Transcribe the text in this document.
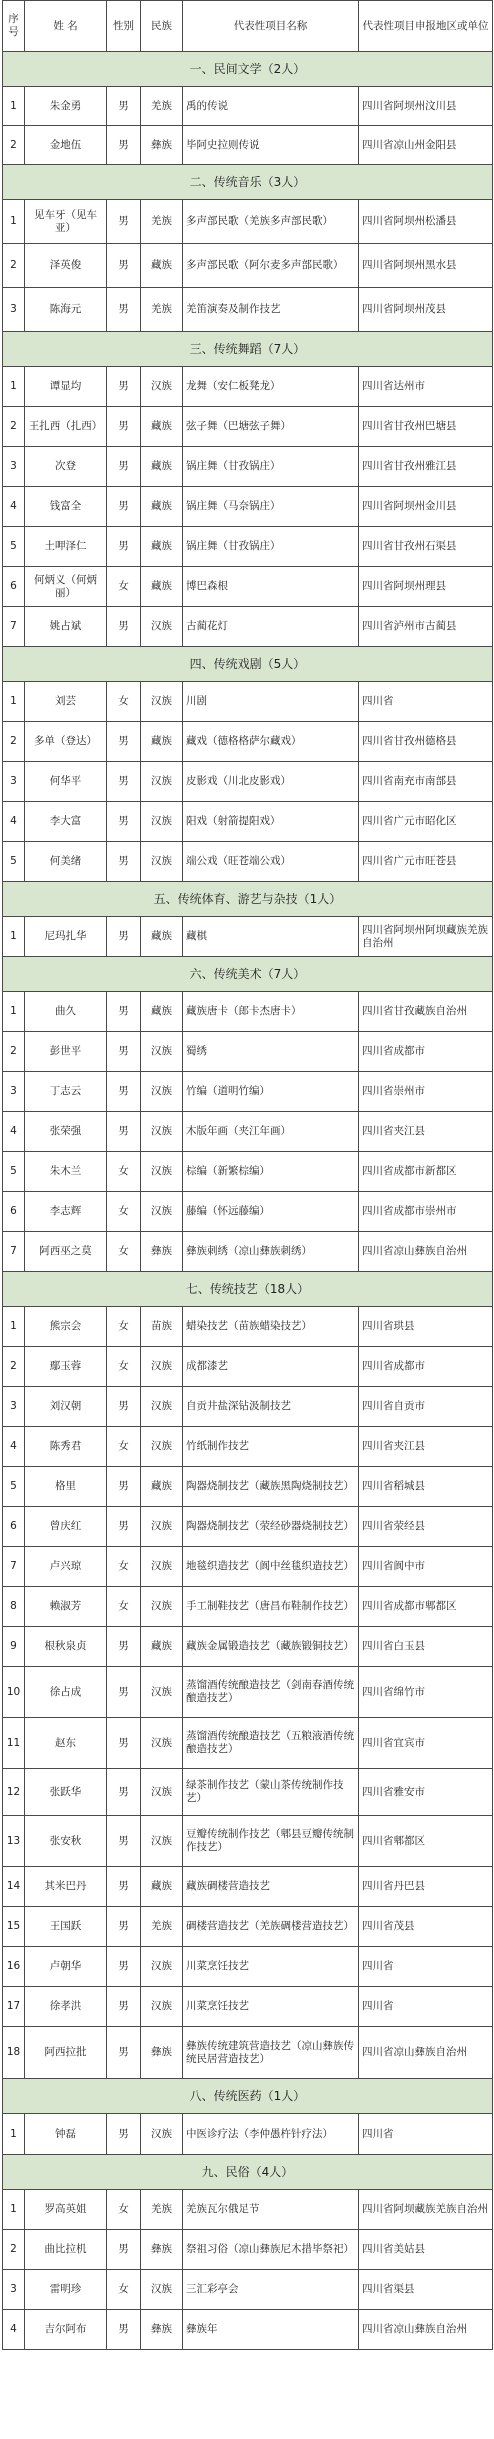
序号	姓 名	性别	民族	代表性项目名称	代表性项目申报地区或单位
一、民间文学（2人）					
1	朱金勇	男	羌族	禹的传说	四川省阿坝州汶川县
2	金地伍	男	彝族	毕阿史拉则传说	四川省凉山州金阳县
二、传统音乐（3人）					
1	见车牙（见车亚）	男	羌族	多声部民歌（羌族多声部民歌）	四川省阿坝州松潘县
2	泽英俊	男	藏族	多声部民歌（阿尔麦多声部民歌）	四川省阿坝州黑水县
3	陈海元	男	羌族	羌笛演奏及制作技艺	四川省阿坝州茂县
三、传统舞蹈（7人）					
1	谭显均	男	汉族	龙舞（安仁板凳龙）	四川省达州市
2	王扎西（扎西）	男	藏族	弦子舞（巴塘弦子舞）	四川省甘孜州巴塘县
3	次登	男	藏族	锅庄舞（甘孜锅庄）	四川省甘孜州雅江县
4	钱富全	男	藏族	锅庄舞（马奈锅庄）	四川省阿坝州金川县
5	土呷泽仁	男	藏族	锅庄舞（甘孜锅庄）	四川省甘孜州石渠县
6	何炳义（何炳丽）	女	藏族	博巴森根	四川省阿坝州理县
7	姚占斌	男	汉族	古蔺花灯	四川省泸州市古蔺县
四、传统戏剧（5人）					
1	刘芸	女	汉族	川剧	四川省
2	多单（登达）	男	藏族	藏戏（德格格萨尔藏戏）	四川省甘孜州德格县
3	何华平	男	汉族	皮影戏（川北皮影戏）	四川省南充市南部县
4	李大富	男	汉族	阳戏（射箭提阳戏）	四川省广元市昭化区
5	何美绪	男	汉族	端公戏（旺苍端公戏）	四川省广元市旺苍县
五、传统体育、游艺与杂技（1人）					
1	尼玛扎华	男	藏族	藏棋	四川省阿坝州阿坝藏族羌族自治州
六、传统美术（7人）					
1	曲久	男	藏族	藏族唐卡（郎卡杰唐卡）	四川省甘孜藏族自治州
2	彭世平	男	汉族	蜀绣	四川省成都市
3	丁志云	男	汉族	竹编（道明竹编）	四川省崇州市
4	张荣强	男	汉族	木版年画（夹江年画）	四川省夹江县
5	朱木兰	女	汉族	棕编（新繁棕编）	四川省成都市新都区
6	李志辉	女	汉族	藤编（怀远藤编）	四川省成都市崇州市
7	阿西巫之莫	女	彝族	彝族刺绣（凉山彝族刺绣）	四川省凉山彝族自治州
七、传统技艺（18人）					
1	熊宗会	女	苗族	蜡染技艺（苗族蜡染技艺）	四川省珙县
2	鄢玉蓉	女	汉族	成都漆艺	四川省成都市
3	刘汉朝	男	汉族	自贡井盐深钻汲制技艺	四川省自贡市
4	陈秀君	女	汉族	竹纸制作技艺	四川省夹江县
5	格里	男	藏族	陶器烧制技艺（藏族黑陶烧制技艺）	四川省稻城县
6	曾庆红	男	汉族	陶器烧制技艺（荥经砂器烧制技艺）	四川省荥经县
7	卢兴琼	女	汉族	地毯织造技艺（阆中丝毯织造技艺）	四川省阆中市
8	赖淑芳	女	汉族	手工制鞋技艺（唐昌布鞋制作技艺）	四川省成都市郫都区
9	根秋泉贞	男	藏族	藏族金属锻造技艺（藏族锻铜技艺）	四川省白玉县
10	徐占成	男	汉族	蒸馏酒传统酿造技艺（剑南春酒传统酿造技艺）	四川省绵竹市
11	赵东	男	汉族	蒸馏酒传统酿造技艺（五粮液酒传统酿造技艺）	四川省宜宾市
12	张跃华	男	汉族	绿茶制作技艺（蒙山茶传统制作技艺）	四川省雅安市
13	张安秋	男	汉族	豆瓣传统制作技艺（郫县豆瓣传统制作技艺）	四川省郫都区
14	其米巴丹	男	藏族	藏族碉楼营造技艺	四川省丹巴县
15	王国跃	男	羌族	碉楼营造技艺（羌族碉楼营造技艺）	四川省茂县
16	卢朝华	男	汉族	川菜烹饪技艺	四川省
17	徐孝洪	男	汉族	川菜烹饪技艺	四川省
18	阿西拉批	男	彝族	彝族传统建筑营造技艺（凉山彝族传统民居营造技艺）	四川省凉山彝族自治州
八、传统医药（1人）					
1	钟磊	男	汉族	中医诊疗法（李仲愚杵针疗法）	四川省
九、民俗（4人）					
1	罗高英姐	女	羌族	羌族瓦尔俄足节	四川省阿坝藏族羌族自治州
2	曲比拉机	男	彝族	祭祖习俗（凉山彝族尼木措毕祭祀）	四川省美姑县
3	雷明珍	女	汉族	三汇彩亭会	四川省渠县
4	吉尔阿布	男	彝族	彝族年	四川省凉山彝族自治州
